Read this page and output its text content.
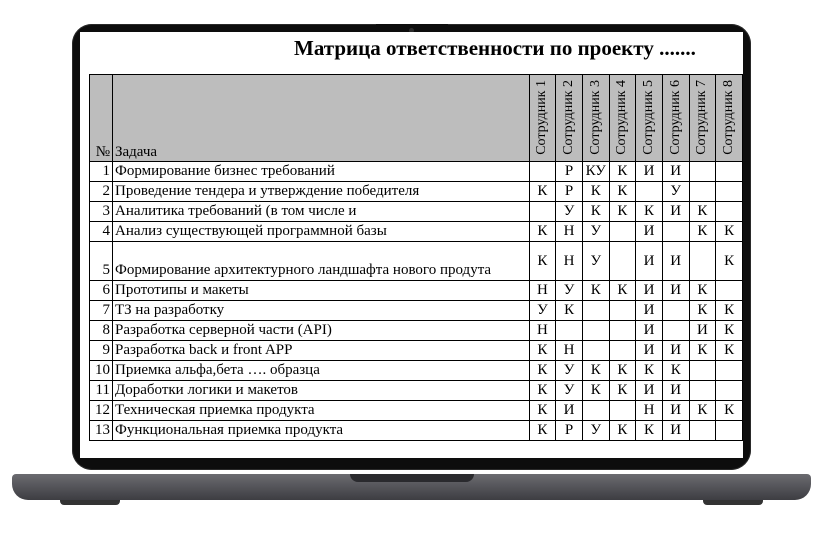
Матрица ответственности по проекту .......
№	Задача	Сотрудник 1	Сотрудник 2	Сотрудник 3	Сотрудник 4	Сотрудник 5	Сотрудник 6	Сотрудник 7	Сотрудник 8
1	Формирование бизнес требований		Р	КУ	К	И	И		
2	Проведение тендера и утверждение победителя	К	Р	К	К		У		
3	Аналитика требований (в том числе и		У	К	К	К	И	К	
4	Анализ существующей программной базы	К	Н	У		И		К	К
5	Формирование архитектурного ландшафта нового продута	К	Н	У		И	И		К
6	Прототипы и макеты	Н	У	К	К	И	И	К	
7	ТЗ на разработку	У	К			И		К	К
8	Разработка серверной части (API)	Н				И		И	К
9	Разработка back и front APP	К	Н			И	И	К	К
10	Приемка альфа,бета …. образца	К	У	К	К	К	К		
11	Доработки логики и макетов	К	У	К	К	И	И		
12	Техническая приемка продукта	К	И			Н	И	К	К
13	Функциональная приемка продукта	К	Р	У	К	К	И		
